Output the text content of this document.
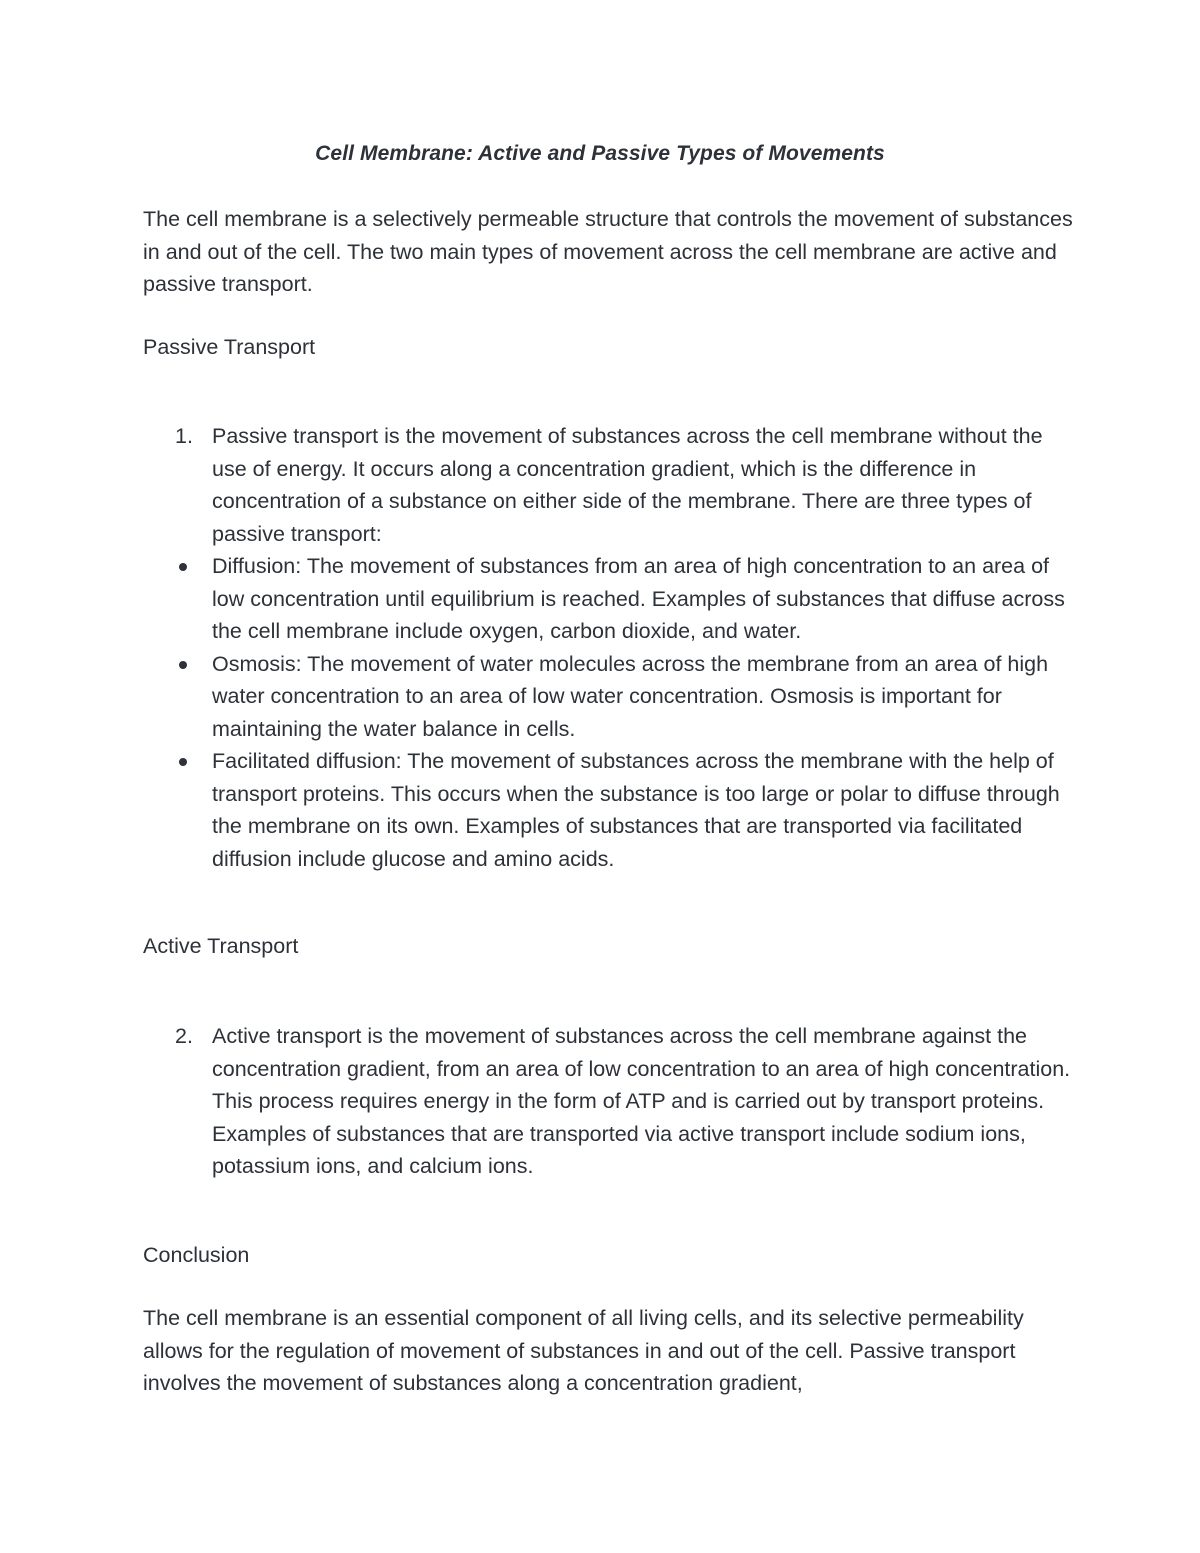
Cell Membrane: Active and Passive Types of Movements

The cell membrane is a selectively permeable structure that controls the movement of substances in and out of the cell. The two main types of movement across the cell membrane are active and passive transport.

Passive Transport

1. Passive transport is the movement of substances across the cell membrane without the use of energy. It occurs along a concentration gradient, which is the difference in concentration of a substance on either side of the membrane. There are three types of passive transport:
Diffusion: The movement of substances from an area of high concentration to an area of low concentration until equilibrium is reached. Examples of substances that diffuse across the cell membrane include oxygen, carbon dioxide, and water.
Osmosis: The movement of water molecules across the membrane from an area of high water concentration to an area of low water concentration. Osmosis is important for maintaining the water balance in cells.
Facilitated diffusion: The movement of substances across the membrane with the help of transport proteins. This occurs when the substance is too large or polar to diffuse through the membrane on its own. Examples of substances that are transported via facilitated diffusion include glucose and amino acids.

Active Transport

2. Active transport is the movement of substances across the cell membrane against the concentration gradient, from an area of low concentration to an area of high concentration. This process requires energy in the form of ATP and is carried out by transport proteins. Examples of substances that are transported via active transport include sodium ions, potassium ions, and calcium ions.

Conclusion

The cell membrane is an essential component of all living cells, and its selective permeability allows for the regulation of movement of substances in and out of the cell. Passive transport involves the movement of substances along a concentration gradient,
